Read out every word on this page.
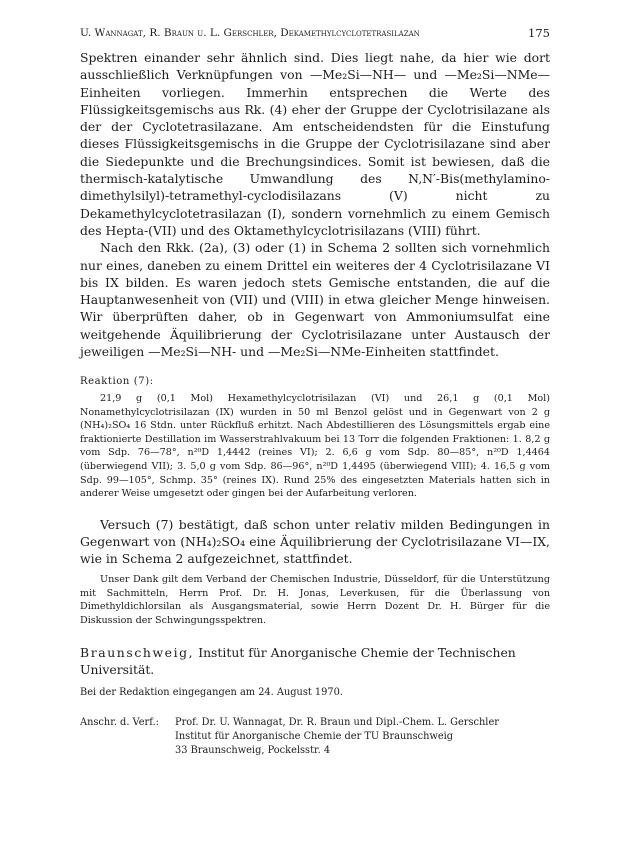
U. Wannagat, R. Braun u. L. Gerschler, Dekamethylcyclotetrasilazan	175

Spektren einander sehr ähnlich sind. Dies liegt nahe, da hier wie dort ausschließlich Verknüpfungen von —Me₂Si—NH— und —Me₂Si—NMe— Einheiten vorliegen. Immerhin entsprechen die Werte des Flüssigkeitsgemischs aus Rk. (4) eher der Gruppe der Cyclotrisilazane als der der Cyclotetrasilazane. Am entscheidendsten für die Einstufung dieses Flüssigkeitsgemischs in die Gruppe der Cyclotrisilazane sind aber die Siedepunkte und die Brechungsindices. Somit ist bewiesen, daß die thermisch-katalytische Umwandlung des N,N′-Bis(methylamino-dimethylsilyl)-tetramethyl-cyclodisilazans (V) nicht zu Dekamethylcyclotetrasilazan (I), sondern vornehmlich zu einem Gemisch des Hepta-(VII) und des Oktamethylcyclotrisilazans (VIII) führt.

Nach den Rkk. (2a), (3) oder (1) in Schema 2 sollten sich vornehmlich nur eines, daneben zu einem Drittel ein weiteres der 4 Cyclotrisilazane VI bis IX bilden. Es waren jedoch stets Gemische entstanden, die auf die Hauptanwesenheit von (VII) und (VIII) in etwa gleicher Menge hinweisen. Wir überprüften daher, ob in Gegenwart von Ammoniumsulfat eine weitgehende Äquilibrierung der Cyclotrisilazane unter Austausch der jeweiligen —Me₂Si—NH- und —Me₂Si—NMe-Einheiten stattfindet.

Reaktion (7):

21,9 g (0,1 Mol) Hexamethylcyclotrisilazan (VI) und 26,1 g (0,1 Mol) Nonamethylcyclotrisilazan (IX) wurden in 50 ml Benzol gelöst und in Gegenwart von 2 g (NH₄)₂SO₄ 16 Stdn. unter Rückfluß erhitzt. Nach Abdestillieren des Lösungsmittels ergab eine fraktionierte Destillation im Wasserstrahlvakuum bei 13 Torr die folgenden Fraktionen: 1. 8,2 g vom Sdp. 76—78°, n²⁰D 1,4442 (reines VI); 2. 6,6 g vom Sdp. 80—85°, n²⁰D 1,4464 (überwiegend VII); 3. 5,0 g vom Sdp. 86—96°, n²⁰D 1,4495 (überwiegend VIII); 4. 16,5 g vom Sdp. 99—105°, Schmp. 35° (reines IX). Rund 25% des eingesetzten Materials hatten sich in anderer Weise umgesetzt oder gingen bei der Aufarbeitung verloren.

Versuch (7) bestätigt, daß schon unter relativ milden Bedingungen in Gegenwart von (NH₄)₂SO₄ eine Äquilibrierung der Cyclotrisilazane VI—IX, wie in Schema 2 aufgezeichnet, stattfindet.

Unser Dank gilt dem Verband der Chemischen Industrie, Düsseldorf, für die Unterstützung mit Sachmitteln, Herrn Prof. Dr. H. Jonas, Leverkusen, für die Überlassung von Dimethyldichlorsilan als Ausgangsmaterial, sowie Herrn Dozent Dr. H. Bürger für die Diskussion der Schwingungsspektren.

Braunschweig, Institut für Anorganische Chemie der Technischen Universität.
Bei der Redaktion eingegangen am 24. August 1970.
Anschr. d. Verf.: Prof. Dr. U. Wannagat, Dr. R. Braun und Dipl.-Chem. L. Gerschler
Institut für Anorganische Chemie der TU Braunschweig
33 Braunschweig, Pockelsstr. 4
